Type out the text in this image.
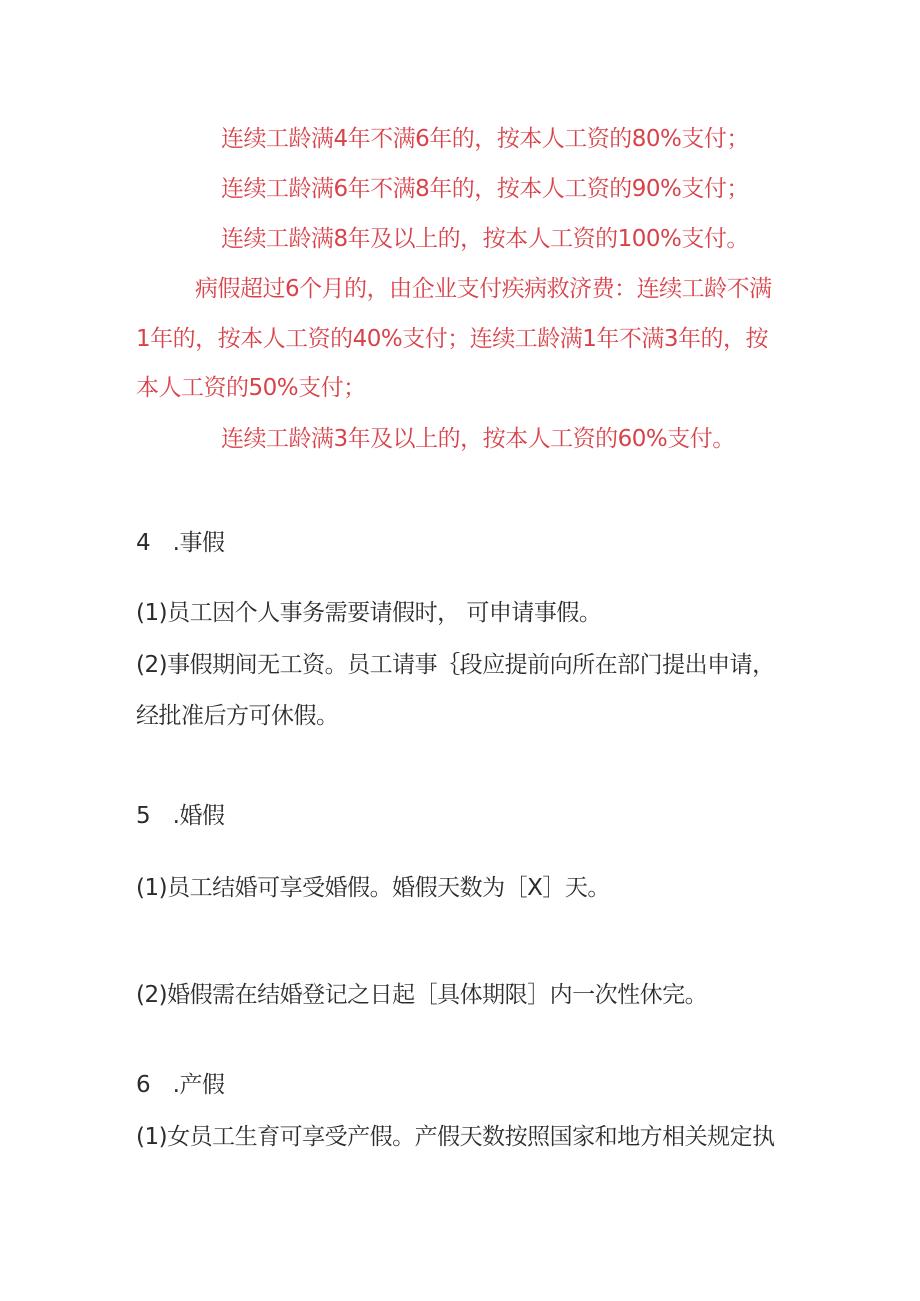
连续工龄满4年不满6年的，按本人工资的80%支付；
连续工龄满6年不满8年的，按本人工资的90%支付；
连续工龄满8年及以上的，按本人工资的100%支付。
病假超过6个月的，由企业支付疾病救济费：连续工龄不满
1年的，按本人工资的40%支付；连续工龄满1年不满3年的，按
本人工资的50%支付；
连续工龄满3年及以上的，按本人工资的60%支付。
4　.事假
(1)员工因个人事务需要请假时， 可申请事假。
(2)事假期间无工资。员工请事｛段应提前向所在部门提出申请，
经批准后方可休假。
5　.婚假
(1)员工结婚可享受婚假。婚假天数为［X］天。
(2)婚假需在结婚登记之日起［具体期限］内一次性休完。
6　.产假
(1)女员工生育可享受产假。产假天数按照国家和地方相关规定执
